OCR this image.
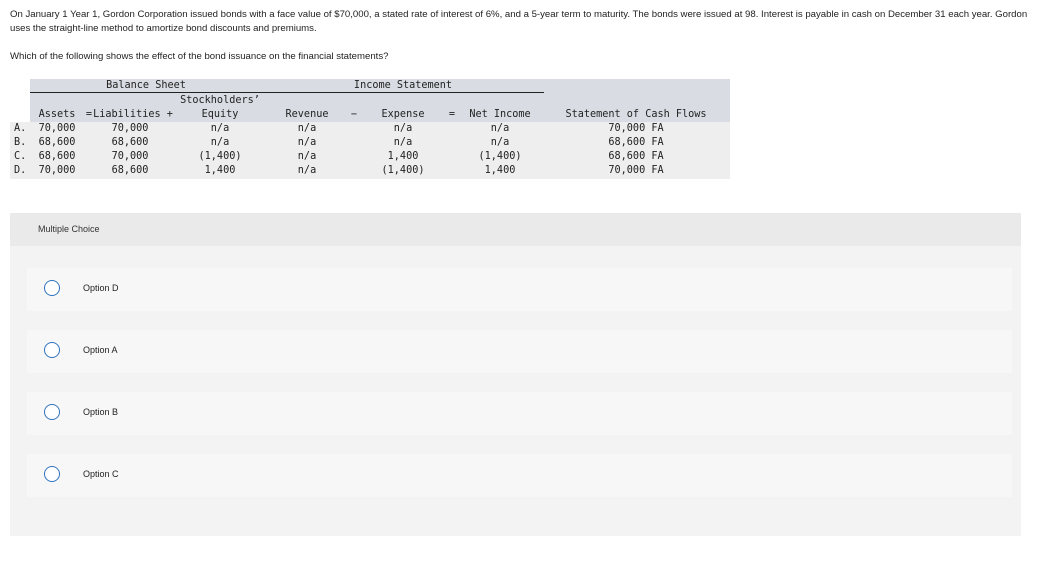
On January 1 Year 1, Gordon Corporation issued bonds with a face value of $70,000, a stated rate of interest of 6%, and a 5-year term to maturity. The bonds were issued at 98. Interest is payable in cash on December 31 each year. Gordon uses the straight-line method to amortize bond discounts and premiums.
Which of the following shows the effect of the bond issuance on the financial statements?
Balance Sheet	Income Statement
Stockholders’
Assets = Liabilities +	Equity	Revenue − Expense = Net Income	Statement of Cash Flows
A. 70,000	70,000	n/a	n/a	n/a	n/a	70,000 FA
B. 68,600	68,600	n/a	n/a	n/a	n/a	68,600 FA
C. 68,600	70,000	(1,400)	n/a	1,400	(1,400)	68,600 FA
D. 70,000	68,600	1,400	n/a	(1,400)	1,400	70,000 FA
Multiple Choice
Option D
Option A
Option B
Option C
